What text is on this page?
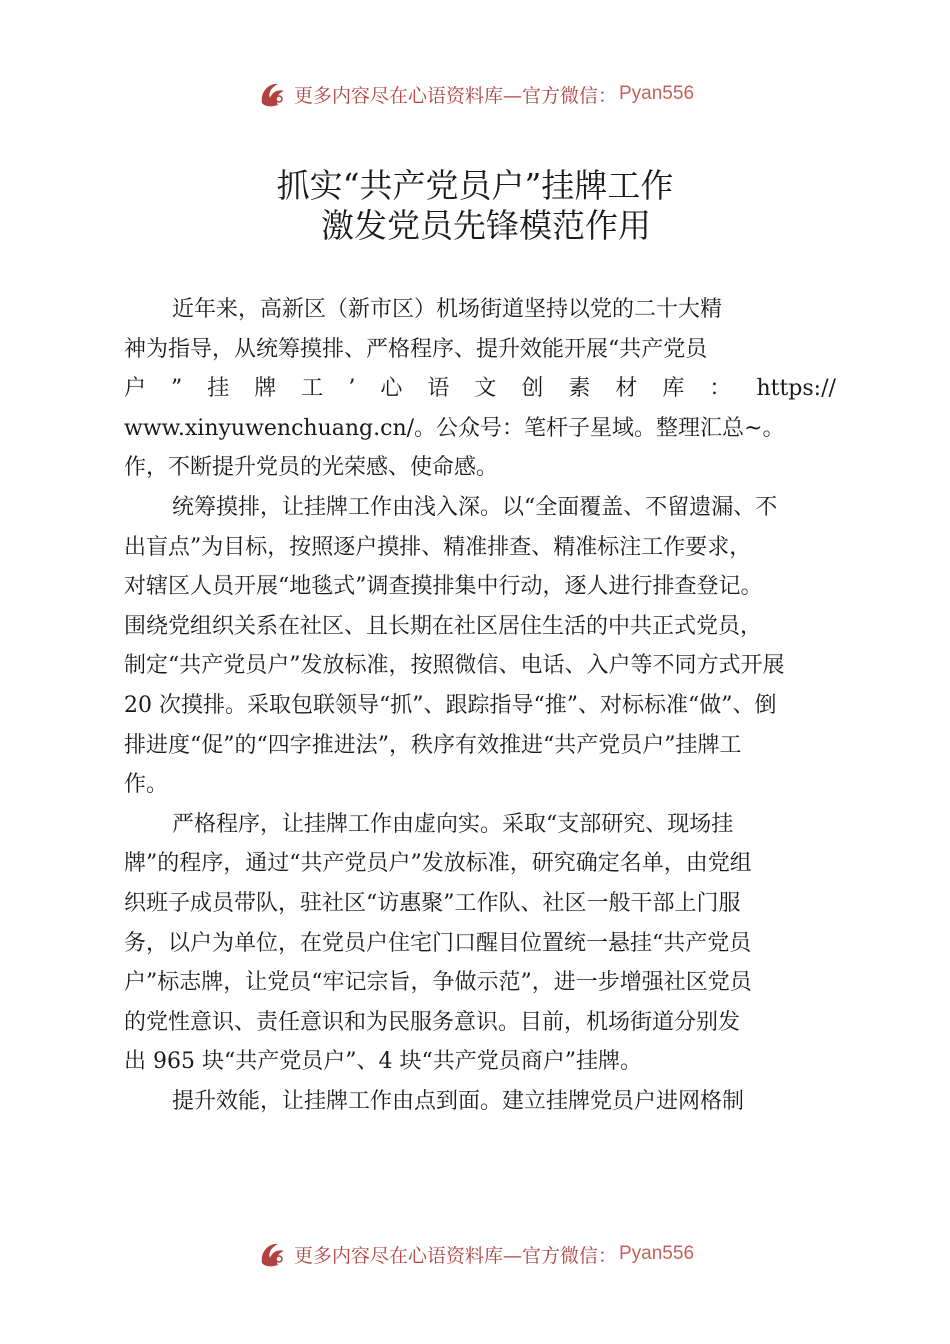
更多内容尽在心语资料库—官方微信： Pyan556
抓实“共产党员户”挂牌工作
激发党员先锋模范作用
近年来，高新区（新市区）机场街道坚持以党的二十大精
神为指导，从统筹摸排、严格程序、提升效能开展“共产党员
户 ” 挂 牌 工 ’ 心 语 文 创 素 材 库 ： https://
www.xinyuwenchuang.cn/。公众号：笔杆子星域。整理汇总~。
作，不断提升党员的光荣感、使命感。
统筹摸排，让挂牌工作由浅入深。以“全面覆盖、不留遗漏、不
出盲点”为目标，按照逐户摸排、精准排查、精准标注工作要求，
对辖区人员开展“地毯式”调查摸排集中行动，逐人进行排查登记。
围绕党组织关系在社区、且长期在社区居住生活的中共正式党员，
制定“共产党员户”发放标准，按照微信、电话、入户等不同方式开展
20 次摸排。采取包联领导“抓”、跟踪指导“推”、对标标准“做”、倒
排进度“促”的“四字推进法”，秩序有效推进“共产党员户”挂牌工
作。
严格程序，让挂牌工作由虚向实。采取“支部研究、现场挂
牌”的程序，通过“共产党员户”发放标准，研究确定名单，由党组
织班子成员带队，驻社区“访惠聚”工作队、社区一般干部上门服
务，以户为单位，在党员户住宅门口醒目位置统一悬挂“共产党员
户”标志牌，让党员“牢记宗旨，争做示范”，进一步增强社区党员
的党性意识、责任意识和为民服务意识。目前，机场街道分别发
出 965 块“共产党员户”、4 块“共产党员商户”挂牌。
提升效能，让挂牌工作由点到面。建立挂牌党员户进网格制
更多内容尽在心语资料库—官方微信： Pyan556
